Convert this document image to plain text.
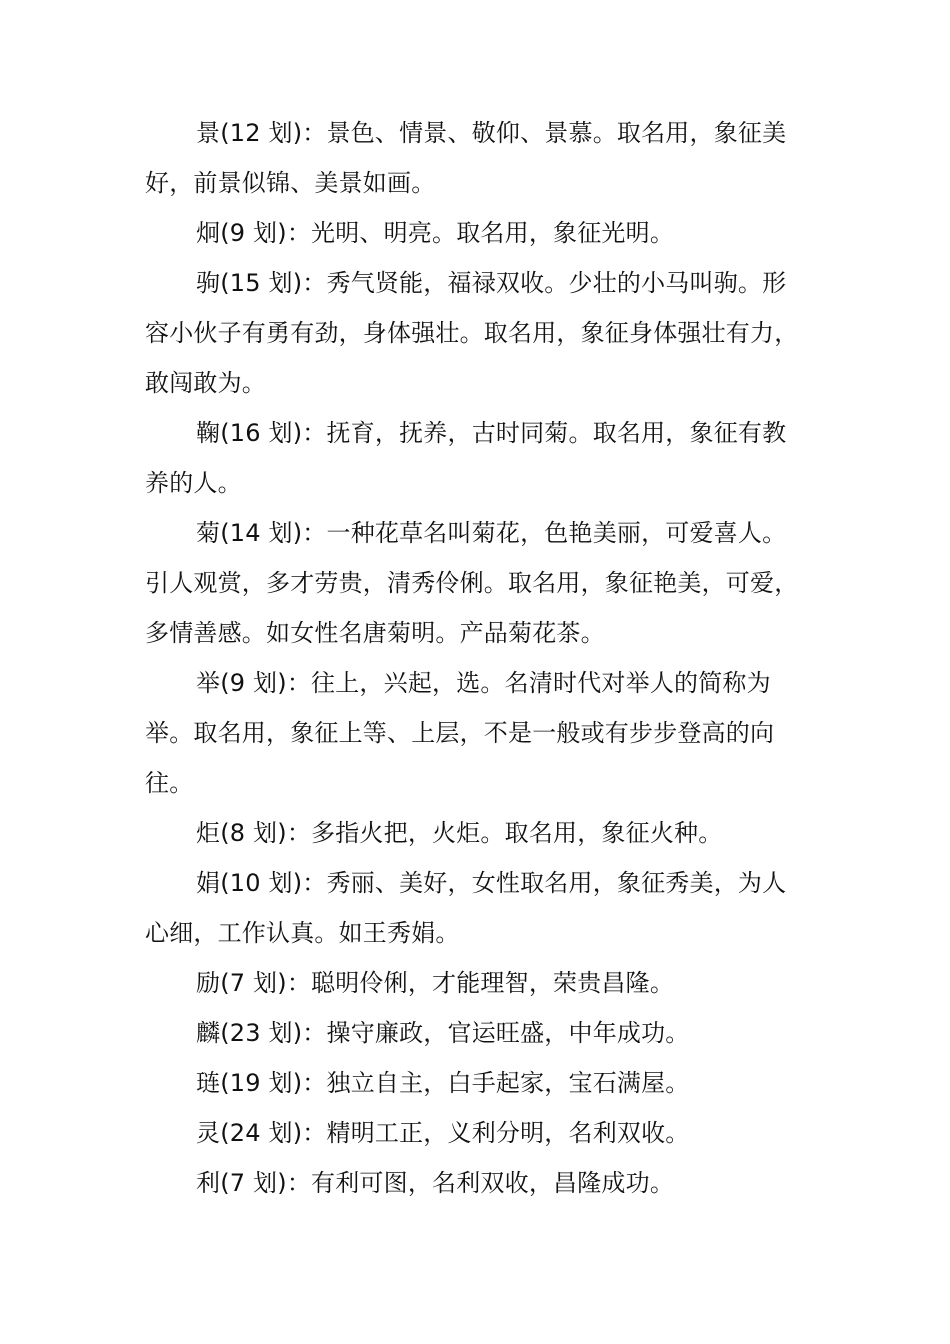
景(12 划)：景色、情景、敬仰、景慕。取名用，象征美好，前景似锦、美景如画。

炯(9 划)：光明、明亮。取名用，象征光明。

驹(15 划)：秀气贤能，福禄双收。少壮的小马叫驹。形容小伙子有勇有劲，身体强壮。取名用，象征身体强壮有力，敢闯敢为。

鞠(16 划)：抚育，抚养，古时同菊。取名用，象征有教养的人。

菊(14 划)：一种花草名叫菊花，色艳美丽，可爱喜人。引人观赏，多才劳贵，清秀伶俐。取名用，象征艳美，可爱，多情善感。如女性名唐菊明。产品菊花茶。

举(9 划)：往上，兴起，选。名清时代对举人的简称为举。取名用，象征上等、上层，不是一般或有步步登高的向往。

炬(8 划)：多指火把，火炬。取名用，象征火种。

娟(10 划)：秀丽、美好，女性取名用，象征秀美，为人心细，工作认真。如王秀娟。

励(7 划)：聪明伶俐，才能理智，荣贵昌隆。

麟(23 划)：操守廉政，官运旺盛，中年成功。

琏(19 划)：独立自主，白手起家，宝石满屋。

灵(24 划)：精明工正，义利分明，名利双收。

利(7 划)：有利可图，名利双收，昌隆成功。
